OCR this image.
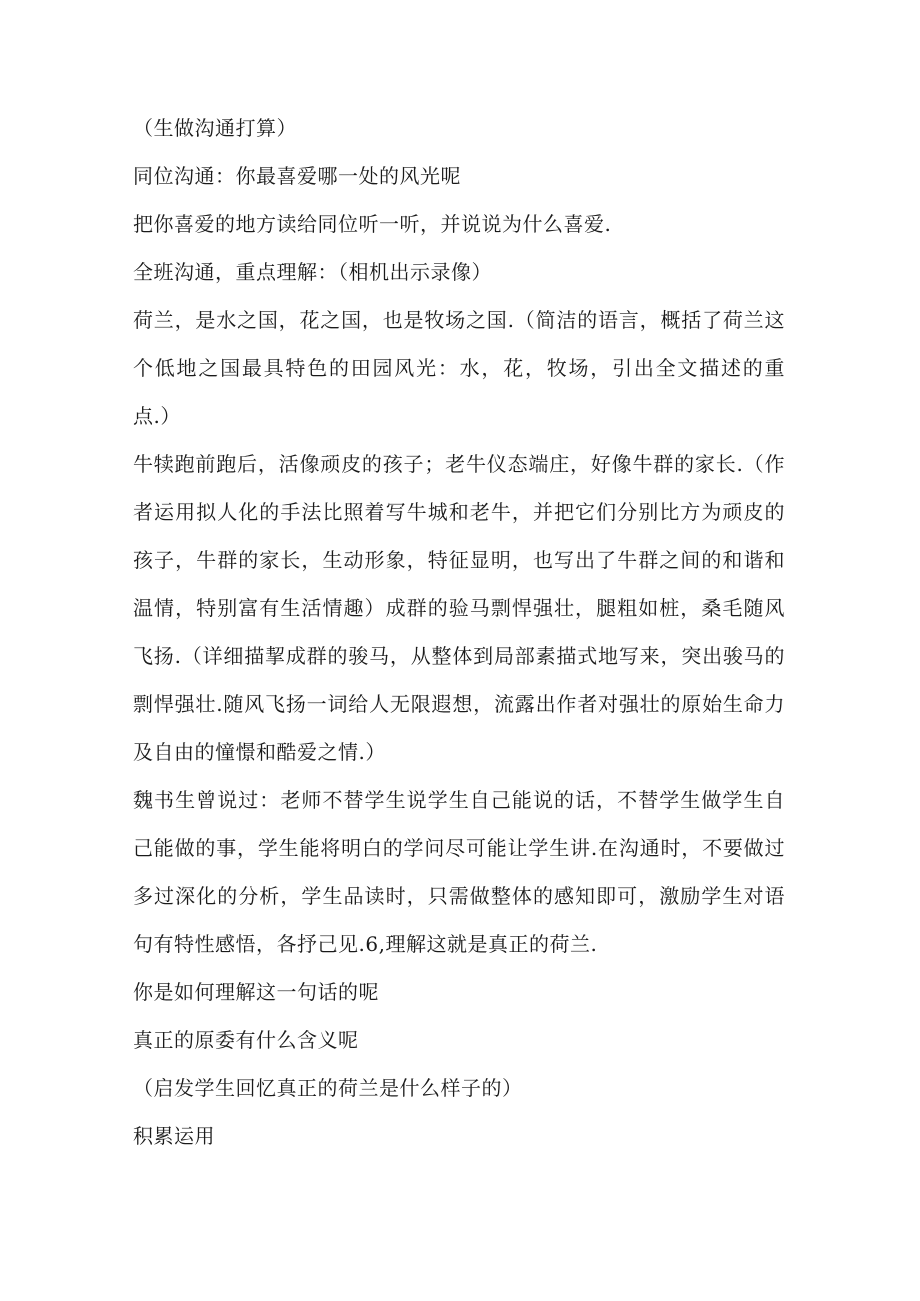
（生做沟通打算）

同位沟通：你最喜爱哪一处的风光呢

把你喜爱的地方读给同位听一听，并说说为什么喜爱.

全班沟通，重点理解：（相机出示录像）

荷兰，是水之国，花之国，也是牧场之国.（简洁的语言，概括了荷兰这个低地之国最具特色的田园风光：水，花，牧场，引出全文描述的重点.）

牛犊跑前跑后，活像顽皮的孩子；老牛仪态端庄，好像牛群的家长.（作者运用拟人化的手法比照着写牛城和老牛，并把它们分别比方为顽皮的孩子，牛群的家长，生动形象，特征显明，也写出了牛群之间的和谐和温情，特别富有生活情趣）成群的验马剽悍强壮，腿粗如桩，桑毛随风飞扬.（详细描挈成群的骏马，从整体到局部素描式地写来，突出骏马的剽悍强壮.随风飞扬一词给人无限遐想，流露出作者对强壮的原始生命力及自由的憧憬和酷爱之情.）

魏书生曾说过：老师不替学生说学生自己能说的话，不替学生做学生自己能做的事，学生能将明白的学问尽可能让学生讲.在沟通时，不要做过多过深化的分析，学生品读时，只需做整体的感知即可，激励学生对语句有特性感悟，各抒己见.6,理解这就是真正的荷兰.

你是如何理解这一句话的呢

真正的原委有什么含义呢

（启发学生回忆真正的荷兰是什么样子的）

积累运用
